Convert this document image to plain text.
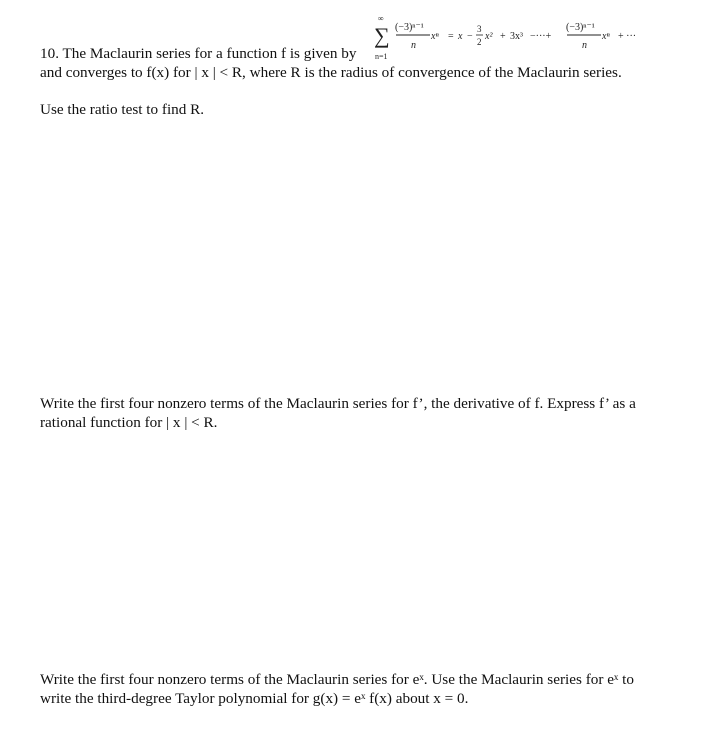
∞
∑
n=1
(−3)ⁿ⁻¹
n
xⁿ = x −
3
2 x² + 3x³ −···+
(−3)ⁿ⁻¹
n
xⁿ + ···
10. The Maclaurin series for a function f is given by
and converges to f(x) for | x | < R, where R is the radius of convergence of the Maclaurin series.
Use the ratio test to find R.
Write the first four nonzero terms of the Maclaurin series for f’, the derivative of f. Express f’ as a
rational function for | x | < R.
Write the first four nonzero terms of the Maclaurin series for eˣ. Use the Maclaurin series for eˣ to
write the third-degree Taylor polynomial for g(x) = eˣ f(x) about x = 0.
